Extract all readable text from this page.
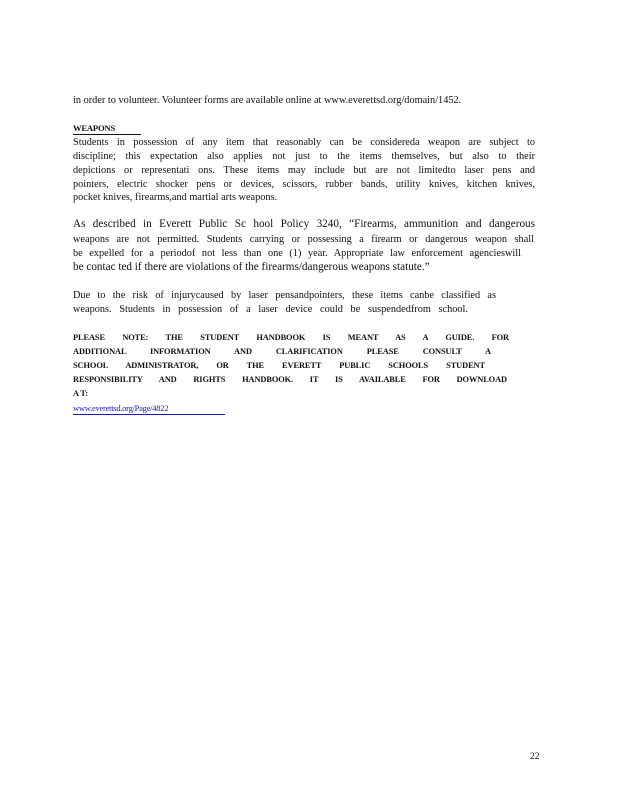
in order to volunteer. Volunteer forms are available online at www.everettsd.org/domain/1452.
WEAPONS
Students in possession of any item that reasonably can be considereda weapon are subject to
discipline; this expectation also applies not just to the items themselves, but also to their
depictions or representati ons. These items may include but are not limitedto laser pens and
pointers, electric shocker pens or devices, scissors, rubber bands, utility knives, kitchen knives,
pocket knives, firearms,and martial arts weapons.
As described in Everett Public Sc hool Policy 3240, “Firearms, ammunition and dangerous
weapons are not permitted. Students carrying or possessing a firearm or dangerous weapon shall
be expelled for a periodof not less than one (1) year. Appropriate law enforcement agencieswill
be contac ted if there are violations of the firearms/dangerous weapons statute.”
Due to the risk of injurycaused by laser pensandpointers, these items canbe classified as
weapons. Students in possession of a laser device could be suspendedfrom school.
PLEASE NOTE: THE STUDENT HANDBOOK IS MEANT AS A GUIDE. FOR
ADDITIONAL INFORMATION AND CLARIFICATION PLEASE CONSULT A
SCHOOL ADMINISTRATOR, OR THE EVERETT PUBLIC SCHOOLS STUDENT
RESPONSIBILITY AND RIGHTS HANDBOOK. IT IS AVAILABLE FOR DOWNLOAD
A T:
www.everettsd.org/Page/4822
22
